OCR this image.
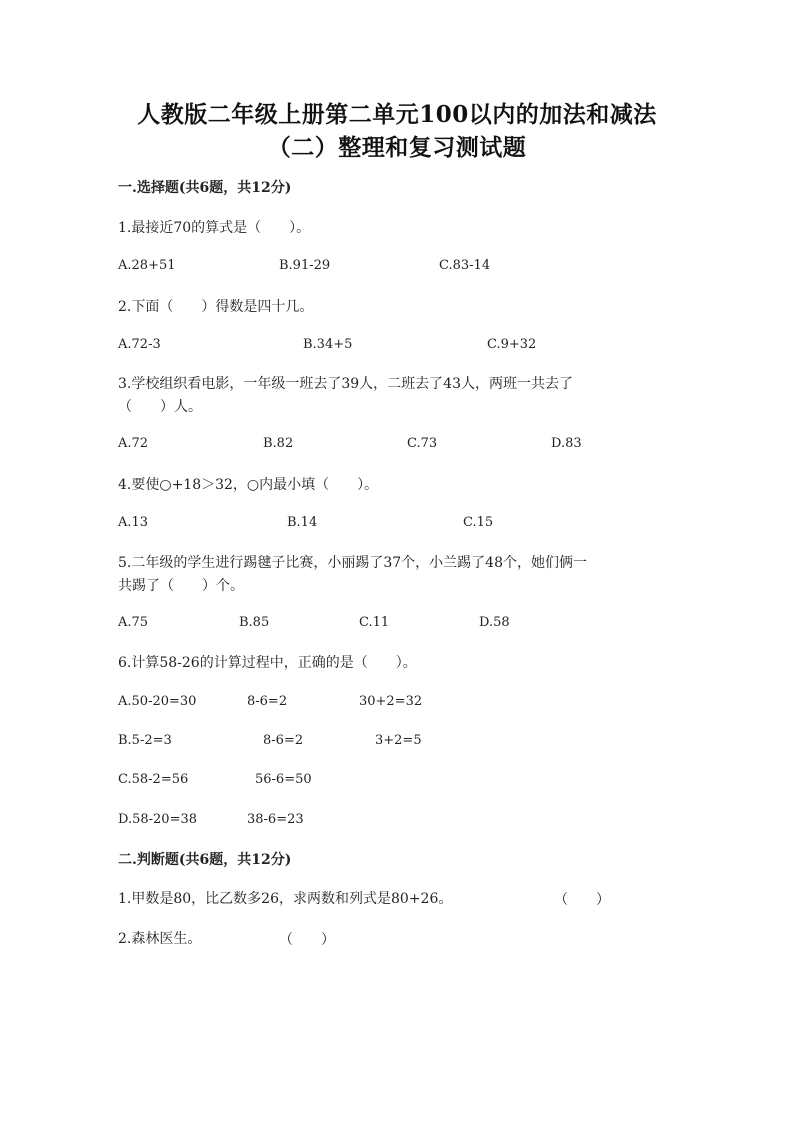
人教版二年级上册第二单元100以内的加法和减法
（二）整理和复习测试题
一.选择题(共6题，共12分)
1.最接近70的算式是（　　）。
A.28+51	B.91-29	C.83-14
2.下面（　　）得数是四十几。
A.72-3	B.34+5	C.9+32
3.学校组织看电影，一年级一班去了39人，二班去了43人，两班一共去了
（　　）人。
A.72	B.82	C.73	D.83
4.要使○+18＞32，○内最小填（　　）。
A.13	B.14	C.15
5.二年级的学生进行踢毽子比赛，小丽踢了37个，小兰踢了48个，她们俩一
共踢了（　　）个。
A.75	B.85	C.11	D.58
6.计算58-26的计算过程中，正确的是（　　）。
A.50-20=30	8-6=2	30+2=32
B.5-2=3	8-6=2	3+2=5
C.58-2=56	56-6=50
D.58-20=38	38-6=23
二.判断题(共6题，共12分)
1.甲数是80，比乙数多26，求两数和列式是80+26。	（　　）
2.森林医生。	（　　）
